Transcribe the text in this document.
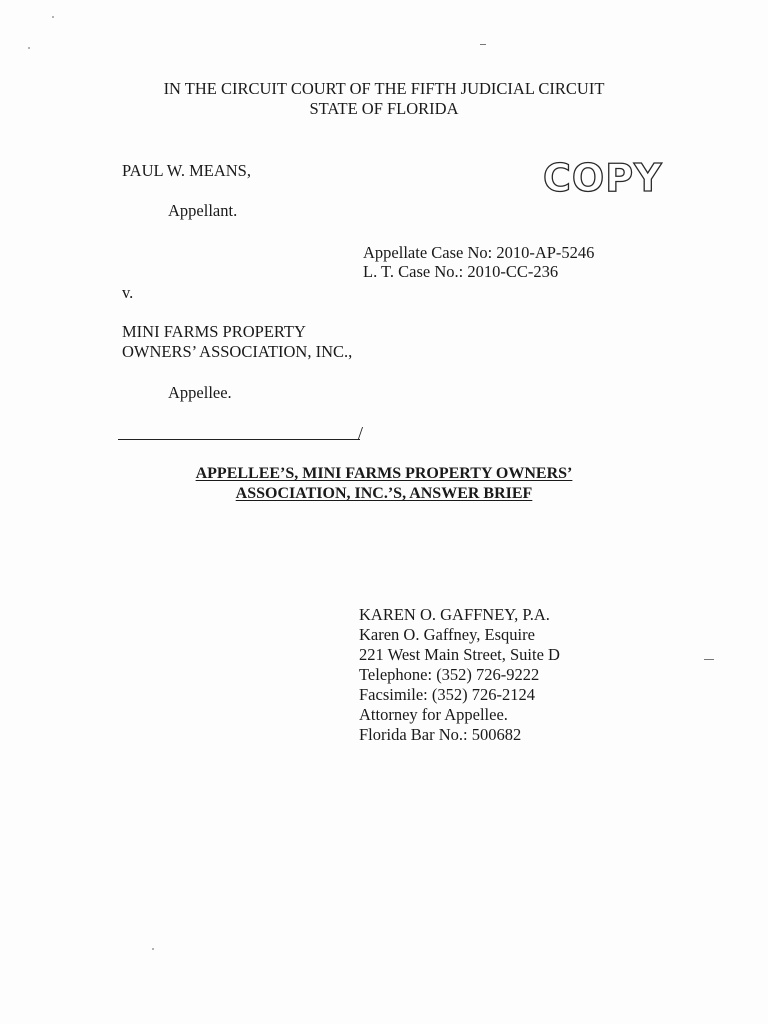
IN THE CIRCUIT COURT OF THE FIFTH JUDICIAL CIRCUIT
STATE OF FLORIDA
COPY
PAUL W. MEANS,
Appellant.
Appellate Case No: 2010-AP-5246
L. T. Case No.: 2010-CC-236
v.
MINI FARMS PROPERTY
OWNERS’ ASSOCIATION, INC.,
Appellee.
/
APPELLEE’S, MINI FARMS PROPERTY OWNERS’
ASSOCIATION, INC.’S, ANSWER BRIEF
KAREN O. GAFFNEY, P.A.
Karen O. Gaffney, Esquire
221 West Main Street, Suite D
Telephone: (352) 726-9222
Facsimile: (352) 726-2124
Attorney for Appellee.
Florida Bar No.: 500682
